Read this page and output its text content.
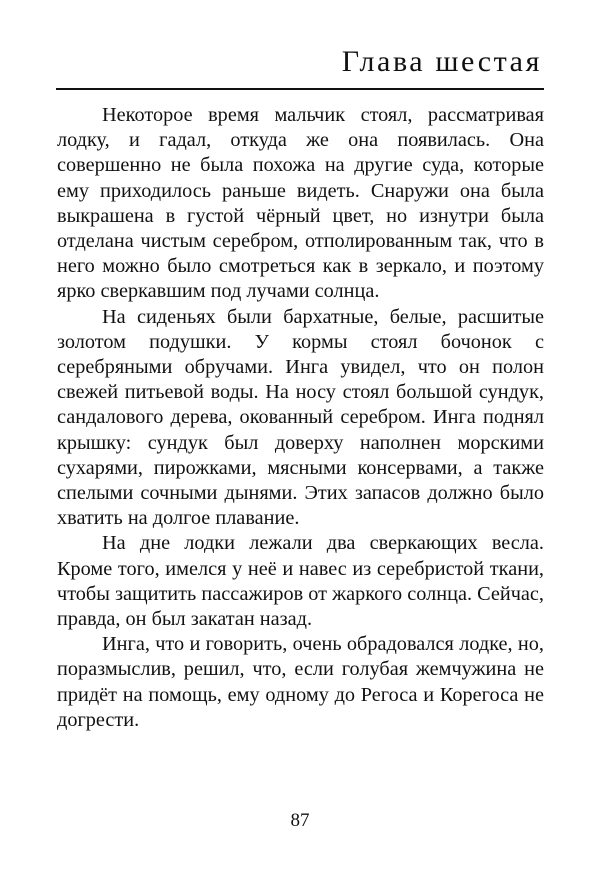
Глава шестая

Некоторое время мальчик стоял, рассматривая лодку, и гадал, откуда же она появилась. Она совершенно не была похожа на другие суда, которые ему приходилось раньше видеть. Снаружи она была выкрашена в густой чёрный цвет, но изнутри была отделана чистым серебром, отполированным так, что в него можно было смотреться как в зеркало, и поэтому ярко сверкавшим под лучами солнца.

На сиденьях были бархатные, белые, расшитые золотом подушки. У кормы стоял бочонок с серебряными обручами. Инга увидел, что он полон свежей питьевой воды. На носу стоял большой сундук, сандалового дерева, окованный серебром. Инга поднял крышку: сундук был доверху наполнен морскими сухарями, пирожками, мясными консервами, а также спелыми сочными дынями. Этих запасов должно было хватить на долгое плавание.

На дне лодки лежали два сверкающих весла. Кроме того, имелся у неё и навес из серебристой ткани, чтобы защитить пассажиров от жаркого солнца. Сейчас, правда, он был закатан назад.

Инга, что и говорить, очень обрадовался лодке, но, поразмыслив, решил, что, если голубая жемчужина не придёт на помощь, ему одному до Регоса и Корегоса не догрести.

87
